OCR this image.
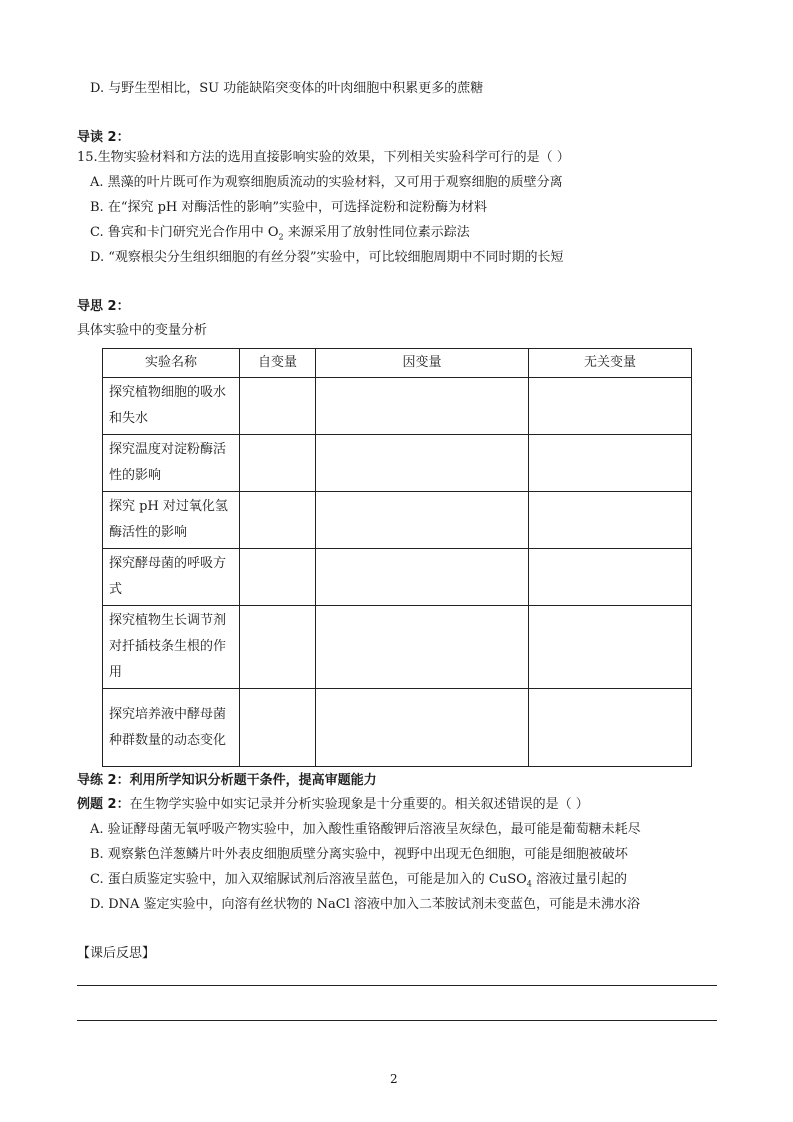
D. 与野生型相比，SU 功能缺陷突变体的叶肉细胞中积累更多的蔗糖
导读 2：
15.生物实验材料和方法的选用直接影响实验的效果，下列相关实验科学可行的是（ ）
A. 黑藻的叶片既可作为观察细胞质流动的实验材料，又可用于观察细胞的质壁分离
B. 在“探究 pH 对酶活性的影响”实验中，可选择淀粉和淀粉酶为材料
C. 鲁宾和卡门研究光合作用中 $O_2$ 来源采用了放射性同位素示踪法
D. “观察根尖分生组织细胞的有丝分裂”实验中，可比较细胞周期中不同时期的长短
导思 2：
具体实验中的变量分析
实验名称	自变量	因变量	无关变量
探究植物细胞的吸水和失水			
探究温度对淀粉酶活性的影响			
探究 pH 对过氧化氢酶活性的影响			
探究酵母菌的呼吸方式			
探究植物生长调节剂对扦插枝条生根的作用			
探究培养液中酵母菌种群数量的动态变化			
导练 2：利用所学知识分析题干条件，提高审题能力
例题 2：在生物学实验中如实记录并分析实验现象是十分重要的。相关叙述错误的是（ ）
A. 验证酵母菌无氧呼吸产物实验中，加入酸性重铬酸钾后溶液呈灰绿色，最可能是葡萄糖未耗尽
B. 观察紫色洋葱鳞片叶外表皮细胞质壁分离实验中，视野中出现无色细胞，可能是细胞被破坏
C. 蛋白质鉴定实验中，加入双缩脲试剂后溶液呈蓝色，可能是加入的 CuSO$_4$ 溶液过量引起的
D. DNA 鉴定实验中，向溶有丝状物的 NaCl 溶液中加入二苯胺试剂未变蓝色，可能是未沸水浴
【课后反思】
2
